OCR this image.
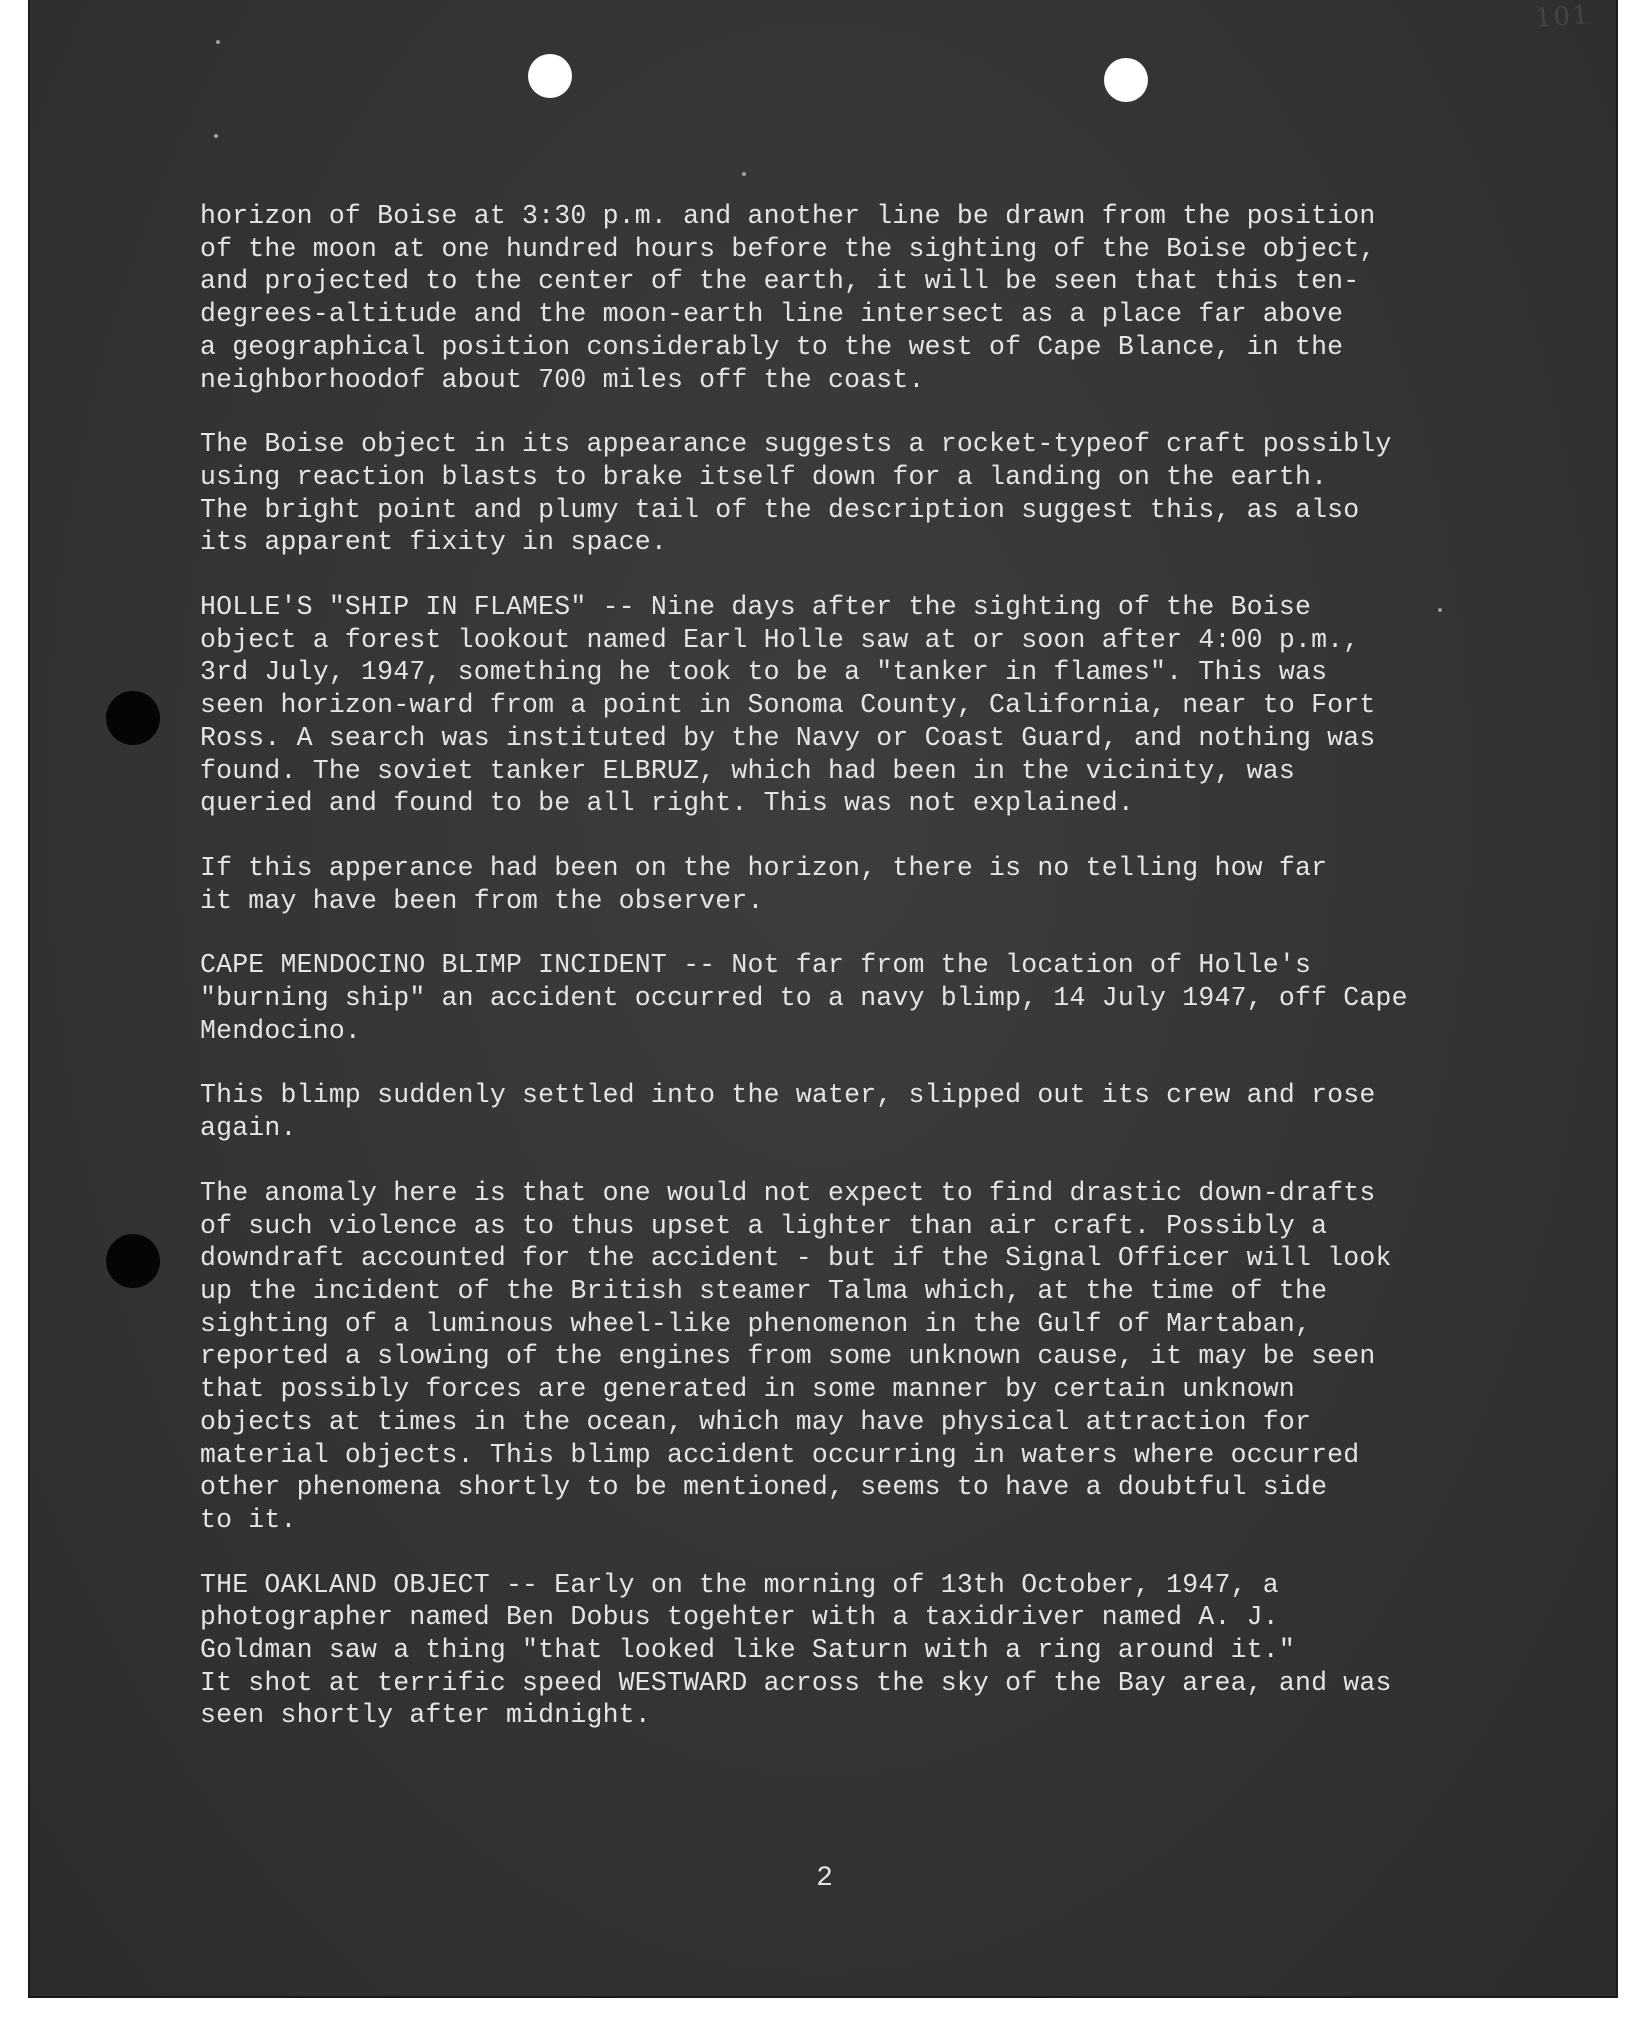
101

horizon of Boise at 3:30 p.m. and another line be drawn from the position
of the moon at one hundred hours before the sighting of the Boise object,
and projected to the center of the earth, it will be seen that this ten-
degrees-altitude and the moon-earth line intersect as a place far above
a geographical position considerably to the west of Cape Blance, in the
neighborhoodof about 700 miles off the coast.

The Boise object in its appearance suggests a rocket-typeof craft possibly
using reaction blasts to brake itself down for a landing on the earth.
The bright point and plumy tail of the description suggest this, as also
its apparent fixity in space.

HOLLE'S "SHIP IN FLAMES" -- Nine days after the sighting of the Boise
object a forest lookout named Earl Holle saw at or soon after 4:00 p.m.,
3rd July, 1947, something he took to be a "tanker in flames". This was
seen horizon-ward from a point in Sonoma County, California, near to Fort
Ross. A search was instituted by the Navy or Coast Guard, and nothing was
found. The soviet tanker ELBRUZ, which had been in the vicinity, was
queried and found to be all right. This was not explained.

If this apperance had been on the horizon, there is no telling how far
it may have been from the observer.

CAPE MENDOCINO BLIMP INCIDENT -- Not far from the location of Holle's
"burning ship" an accident occurred to a navy blimp, 14 July 1947, off Cape
Mendocino.

This blimp suddenly settled into the water, slipped out its crew and rose
again.

The anomaly here is that one would not expect to find drastic down-drafts
of such violence as to thus upset a lighter than air craft. Possibly a
downdraft accounted for the accident - but if the Signal Officer will look
up the incident of the British steamer Talma which, at the time of the
sighting of a luminous wheel-like phenomenon in the Gulf of Martaban,
reported a slowing of the engines from some unknown cause, it may be seen
that possibly forces are generated in some manner by certain unknown
objects at times in the ocean, which may have physical attraction for
material objects. This blimp accident occurring in waters where occurred
other phenomena shortly to be mentioned, seems to have a doubtful side
to it.

THE OAKLAND OBJECT -- Early on the morning of 13th October, 1947, a
photographer named Ben Dobus togehter with a taxidriver named A. J.
Goldman saw a thing "that looked like Saturn with a ring around it."
It shot at terrific speed WESTWARD across the sky of the Bay area, and was
seen shortly after midnight.

2
